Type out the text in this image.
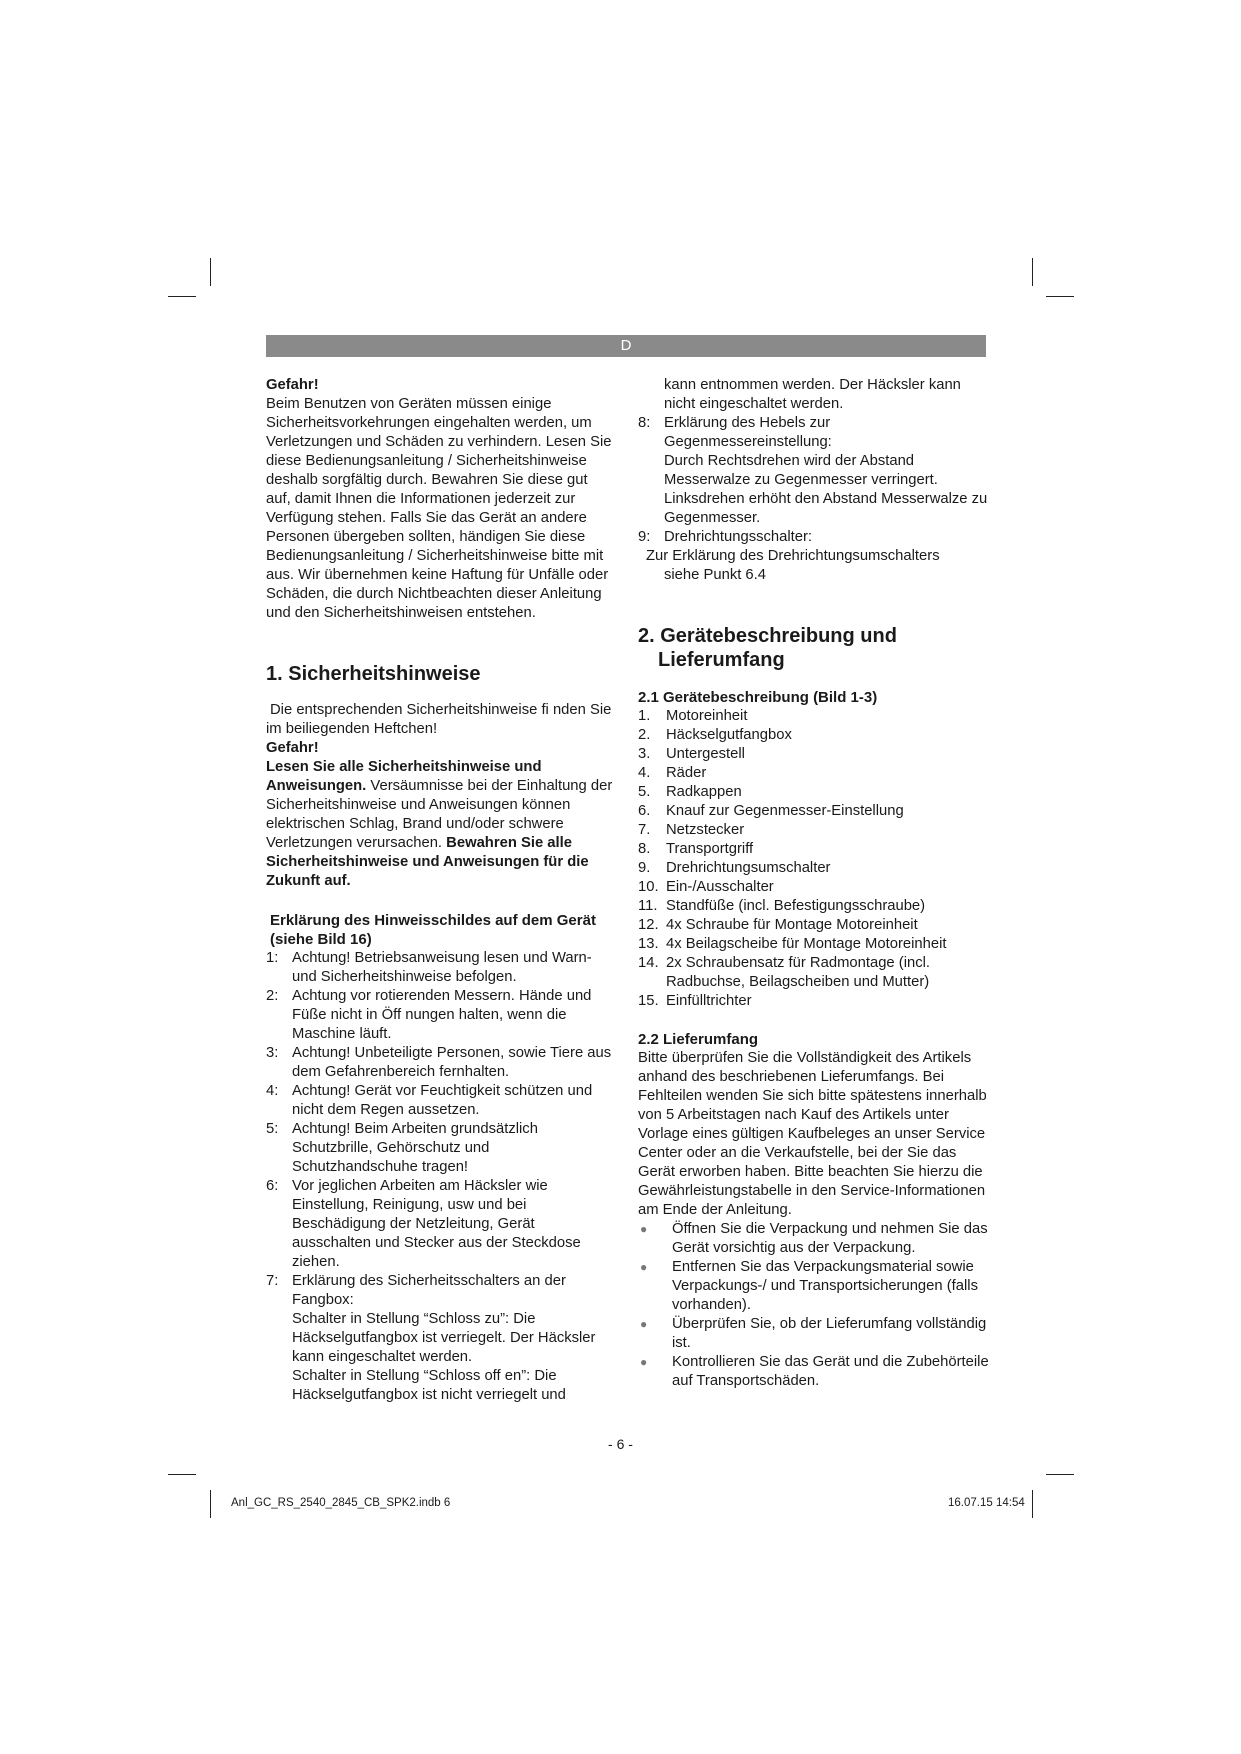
D

Gefahr!

Beim Benutzen von Geräten müssen einige Sicherheitsvorkehrungen eingehalten werden, um Verletzungen und Schäden zu verhindern. Lesen Sie diese Bedienungsanleitung / Sicherheitshinweise deshalb sorgfältig durch. Bewahren Sie diese gut auf, damit Ihnen die Informationen jederzeit zur Verfügung stehen. Falls Sie das Gerät an andere Personen übergeben sollten, händigen Sie diese Bedienungsanleitung / Sicherheitshinweise bitte mit aus. Wir übernehmen keine Haftung für Unfälle oder Schäden, die durch Nichtbeachten dieser Anleitung und den Sicherheitshinweisen entstehen.

1. Sicherheitshinweise

Die entsprechenden Sicherheitshinweise fi nden Sie im beiliegenden Heftchen!

Gefahr!

Lesen Sie alle Sicherheitshinweise und Anweisungen. Versäumnisse bei der Einhaltung der Sicherheitshinweise und Anweisungen können elektrischen Schlag, Brand und/oder schwere Verletzungen verursachen. Bewahren Sie alle Sicherheitshinweise und Anweisungen für die Zukunft auf.

Erklärung des Hinweisschildes auf dem Gerät (siehe Bild 16)

1: Achtung! Betriebsanweisung lesen und Warn- und Sicherheitshinweise befolgen.
2: Achtung vor rotierenden Messern. Hände und Füße nicht in Öff nungen halten, wenn die Maschine läuft.
3: Achtung! Unbeteiligte Personen, sowie Tiere aus dem Gefahrenbereich fernhalten.
4: Achtung! Gerät vor Feuchtigkeit schützen und nicht dem Regen aussetzen.
5: Achtung! Beim Arbeiten grundsätzlich Schutzbrille, Gehörschutz und Schutzhandschuhe tragen!
6: Vor jeglichen Arbeiten am Häcksler wie Einstellung, Reinigung, usw und bei Beschädigung der Netzleitung, Gerät ausschalten und Stecker aus der Steckdose ziehen.
7: Erklärung des Sicherheitsschalters an der Fangbox:
Schalter in Stellung “Schloss zu”: Die Häckselgutfangbox ist verriegelt. Der Häcksler kann eingeschaltet werden.
Schalter in Stellung “Schloss off en”: Die Häckselgutfangbox ist nicht verriegelt und

kann entnommen werden. Der Häcksler kann nicht eingeschaltet werden.

8: Erklärung des Hebels zur Gegenmessereinstellung:
Durch Rechtsdrehen wird der Abstand Messerwalze zu Gegenmesser verringert. Linksdrehen erhöht den Abstand Messerwalze zu Gegenmesser.
9: Drehrichtungsschalter:

Zur Erklärung des Drehrichtungsumschalters

siehe Punkt 6.4

2. Gerätebeschreibung und
Lieferumfang

2.1 Gerätebeschreibung (Bild 1-3)

1.	Motoreinheit
2.	Häckselgutfangbox
3.	Untergestell
4.	Räder
5.	Radkappen
6.	Knauf zur Gegenmesser-Einstellung
7.	Netzstecker
8.	Transportgriff
9.	Drehrichtungsumschalter
10. Ein-/Ausschalter
11. Standfüße (incl. Befestigungsschraube)
12. 4x Schraube für Montage Motoreinheit
13. 4x Beilagscheibe für Montage Motoreinheit
14. 2x Schraubensatz für Radmontage (incl. Radbuchse, Beilagscheiben und Mutter)
15. Einfülltrichter

2.2 Lieferumfang

Bitte überprüfen Sie die Vollständigkeit des Artikels anhand des beschriebenen Lieferumfangs. Bei Fehlteilen wenden Sie sich bitte spätestens innerhalb von 5 Arbeitstagen nach Kauf des Artikels unter Vorlage eines gültigen Kaufbeleges an unser Service Center oder an die Verkaufstelle, bei der Sie das Gerät erworben haben. Bitte beachten Sie hierzu die Gewährleistungstabelle in den Service-Informationen am Ende der Anleitung.

●	Öffnen Sie die Verpackung und nehmen Sie das Gerät vorsichtig aus der Verpackung.
●	Entfernen Sie das Verpackungsmaterial sowie Verpackungs-/ und Transportsicherungen (falls vorhanden).
●	Überprüfen Sie, ob der Lieferumfang vollständig ist.
●	Kontrollieren Sie das Gerät und die Zubehörteile auf Transportschäden.
- 6 -
Anl_GC_RS_2540_2845_CB_SPK2.indb 6	16.07.15 14:54
